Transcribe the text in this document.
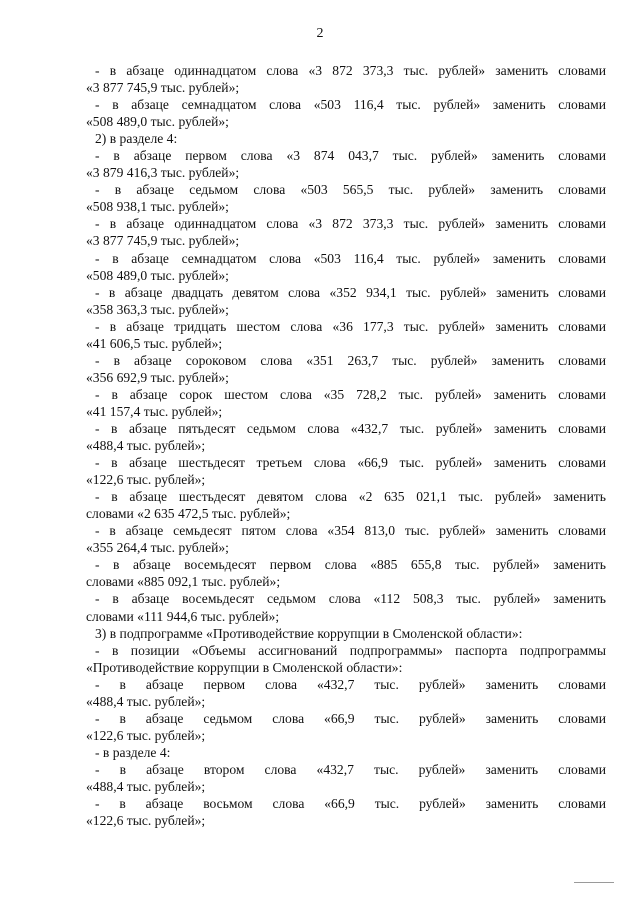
2

- в абзаце одиннадцатом слова «3 872 373,3 тыс. рублей» заменить словами

«3 877 745,9 тыс. рублей»;

- в абзаце семнадцатом слова «503 116,4 тыс. рублей» заменить словами

«508 489,0 тыс. рублей»;

2) в разделе 4:

- в абзаце первом слова «3 874 043,7 тыс. рублей» заменить словами

«3 879 416,3 тыс. рублей»;

- в абзаце седьмом слова «503 565,5 тыс. рублей» заменить словами

«508 938,1 тыс. рублей»;

- в абзаце одиннадцатом слова «3 872 373,3 тыс. рублей» заменить словами

«3 877 745,9 тыс. рублей»;

- в абзаце семнадцатом слова «503 116,4 тыс. рублей» заменить словами

«508 489,0 тыс. рублей»;

- в абзаце двадцать девятом слова «352 934,1 тыс. рублей» заменить словами

«358 363,3 тыс. рублей»;

- в абзаце тридцать шестом слова «36 177,3 тыс. рублей» заменить словами

«41 606,5 тыс. рублей»;

- в абзаце сороковом слова «351 263,7 тыс. рублей» заменить словами

«356 692,9 тыс. рублей»;

- в абзаце сорок шестом слова «35 728,2 тыс. рублей» заменить словами

«41 157,4 тыс. рублей»;

- в абзаце пятьдесят седьмом слова «432,7 тыс. рублей» заменить словами

«488,4 тыс. рублей»;

- в абзаце шестьдесят третьем слова «66,9 тыс. рублей» заменить словами

«122,6 тыс. рублей»;

- в абзаце шестьдесят девятом слова «2 635 021,1 тыс. рублей» заменить

словами «2 635 472,5 тыс. рублей»;

- в абзаце семьдесят пятом слова «354 813,0 тыс. рублей» заменить словами

«355 264,4 тыс. рублей»;

- в абзаце восемьдесят первом слова «885 655,8 тыс. рублей» заменить

словами «885 092,1 тыс. рублей»;

- в абзаце восемьдесят седьмом слова «112 508,3 тыс. рублей» заменить

словами «111 944,6 тыс. рублей»;

3) в подпрограмме «Противодействие коррупции в Смоленской области»:

- в позиции «Объемы ассигнований подпрограммы» паспорта подпрограммы

«Противодействие коррупции в Смоленской области»:

- в абзаце первом слова «432,7 тыс. рублей» заменить словами

«488,4 тыс. рублей»;

- в абзаце седьмом слова «66,9 тыс. рублей» заменить словами

«122,6 тыс. рублей»;

- в разделе 4:

- в абзаце втором слова «432,7 тыс. рублей» заменить словами

«488,4 тыс. рублей»;

- в абзаце восьмом слова «66,9 тыс. рублей» заменить словами

«122,6 тыс. рублей»;
